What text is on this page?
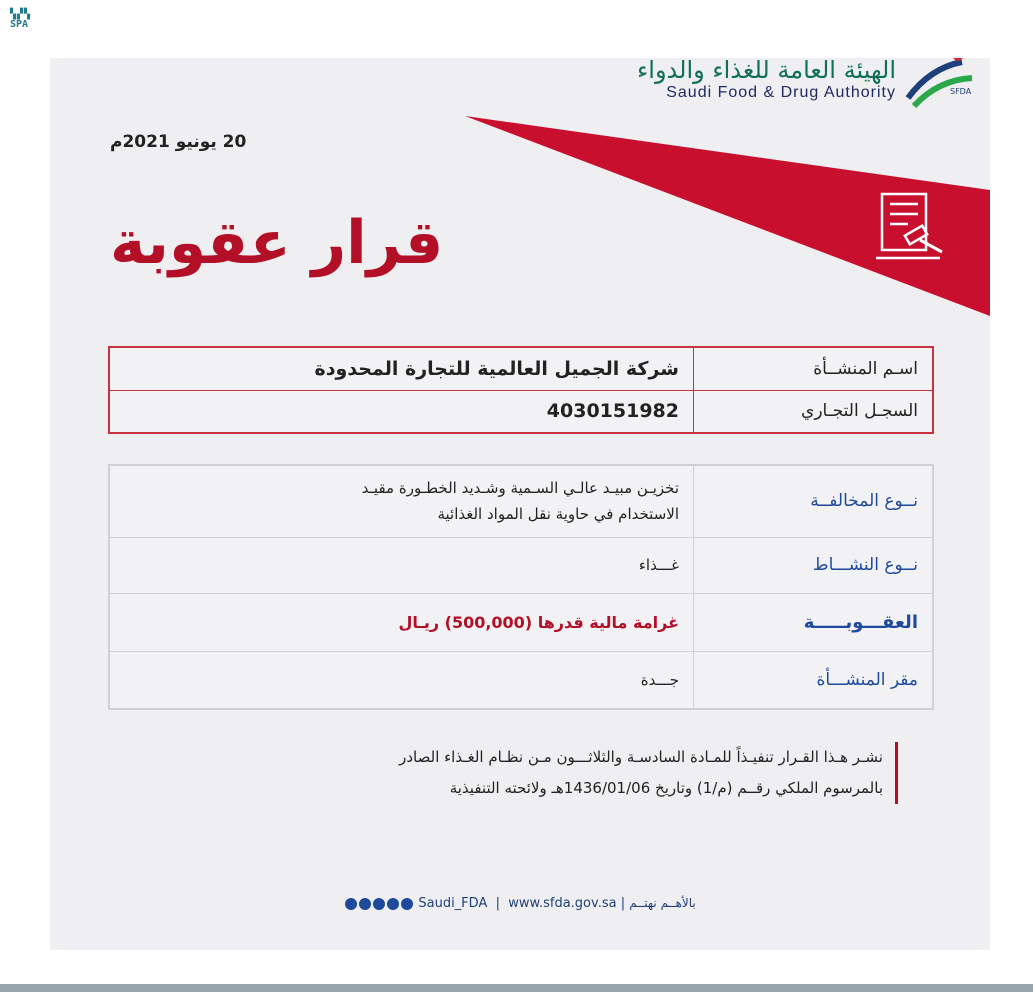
▚▞▚
SPA
الهيئة العامة للغذاء والدواء
Saudi Food & Drug Authority	SFDA
20 يونيو 2021م
قرار عقوبة
شركة الجميل العالمية للتجارة المحدودة	اسـم المنشــأة
4030151982	السجـل التجـاري
تخزيـن مبيـد عالـي السـمية وشـديد الخطـورة مقيـد
الاستخدام في حاوية نقل المواد الغذائية	نــوع المخالفــة
غـــذاء	نــوع النشـــاط
غرامة مالية قدرها (500,000) ريـال	العقـــوبـــــة
جـــدة	مقر المنشـــأة
نشـر هـذا القـرار تنفيـذاً للمـادة السادسـة والثلاثـــون مـن نظـام الغـذاء الصادر
بالمرسوم الملكي رقــم (م/1) وتاريخ 1436/01/06هـ ولائحته التنفيذية
Saudi_FDA | www.sfda.gov.sa | بالأهــم نهتــم
